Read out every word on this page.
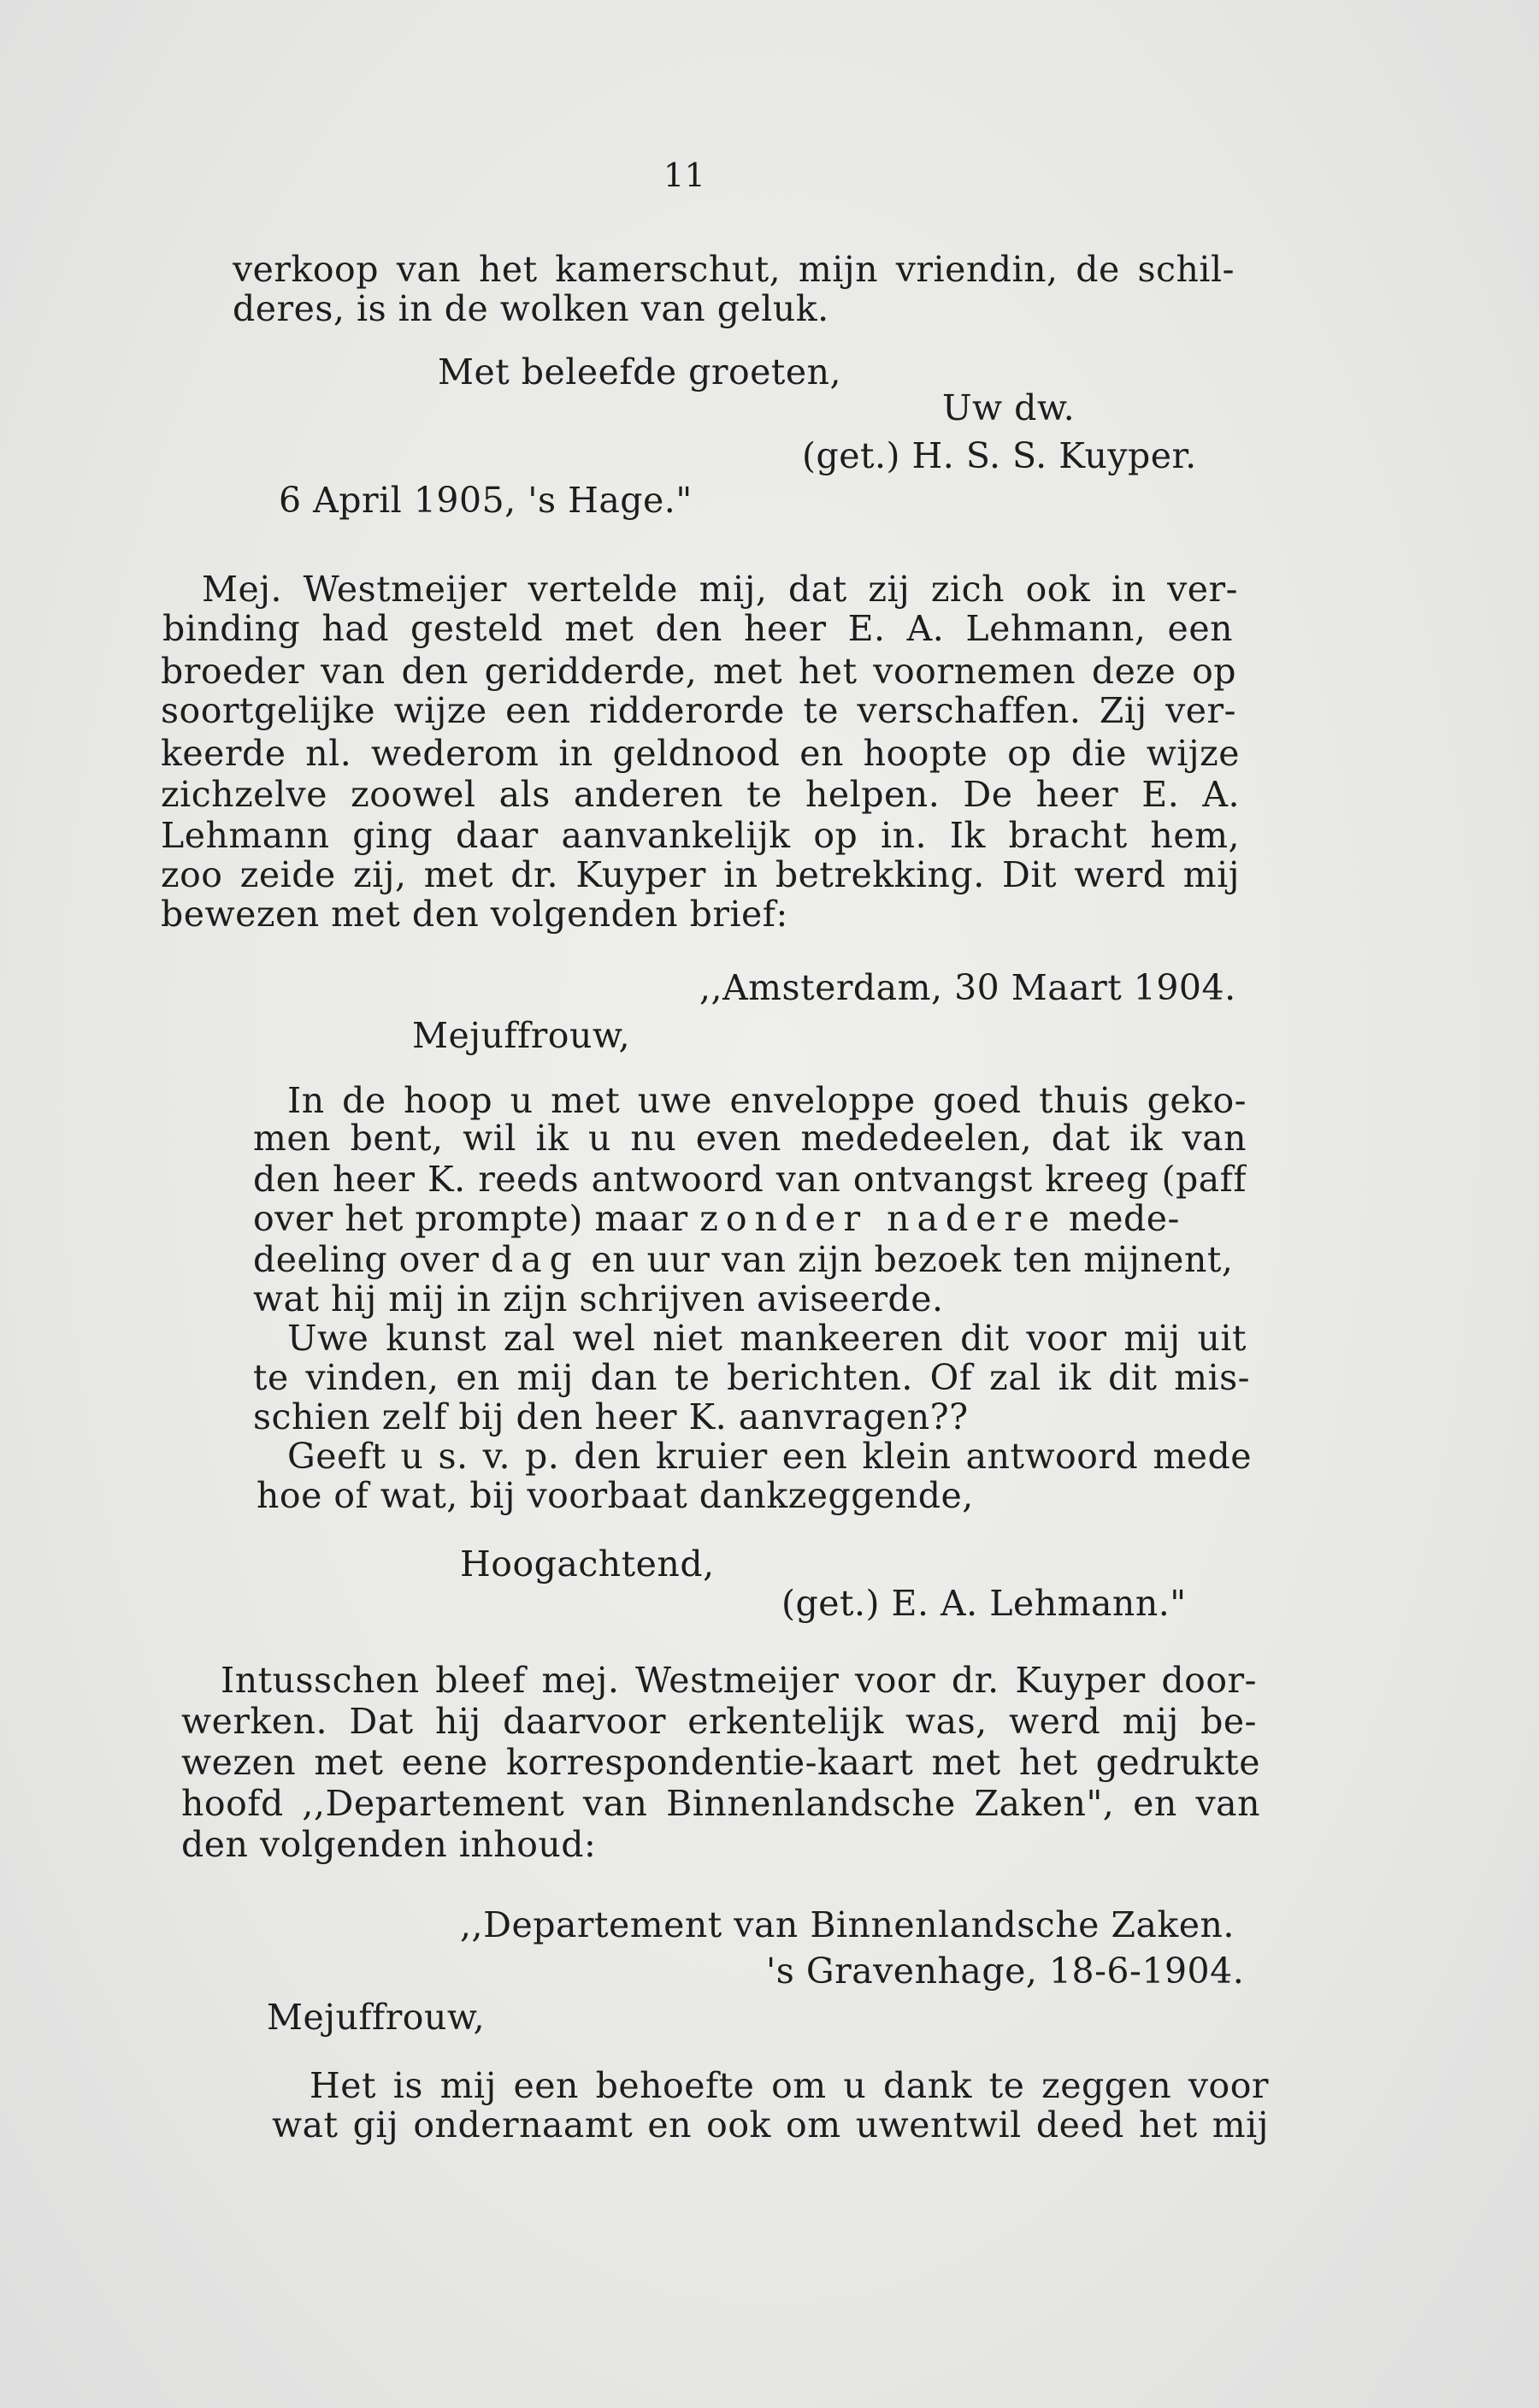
11
verkoop van het kamerschut, mijn vriendin, de schil-
deres, is in de wolken van geluk.
Met beleefde groeten,
Uw dw.
(get.) H. S. S. Kuyper.
6 April 1905, 's Hage."
Mej. Westmeijer vertelde mij, dat zij zich ook in ver-
binding had gesteld met den heer E. A. Lehmann, een
broeder van den geridderde, met het voornemen deze op
soortgelijke wijze een ridderorde te verschaffen. Zij ver-
keerde nl. wederom in geldnood en hoopte op die wijze
zichzelve zoowel als anderen te helpen. De heer E. A.
Lehmann ging daar aanvankelijk op in. Ik bracht hem,
zoo zeide zij, met dr. Kuyper in betrekking. Dit werd mij
bewezen met den volgenden brief:
,,Amsterdam, 30 Maart 1904.
Mejuffrouw,
In de hoop u met uwe enveloppe goed thuis geko-
men bent, wil ik u nu even mededeelen, dat ik van
den heer K. reeds antwoord van ontvangst kreeg (paff
over het prompte) maar zonder nadere mede-
deeling over dag en uur van zijn bezoek ten mijnent,
wat hij mij in zijn schrijven aviseerde.
Uwe kunst zal wel niet mankeeren dit voor mij uit
te vinden, en mij dan te berichten. Of zal ik dit mis-
schien zelf bij den heer K. aanvragen??
Geeft u s. v. p. den kruier een klein antwoord mede
hoe of wat, bij voorbaat dankzeggende,
Hoogachtend,
(get.) E. A. Lehmann."
Intusschen bleef mej. Westmeijer voor dr. Kuyper door-
werken. Dat hij daarvoor erkentelijk was, werd mij be-
wezen met eene korrespondentie-kaart met het gedrukte
hoofd ,,Departement van Binnenlandsche Zaken", en van
den volgenden inhoud:
,,Departement van Binnenlandsche Zaken.
's Gravenhage, 18-6-1904.
Mejuffrouw,
Het is mij een behoefte om u dank te zeggen voor
wat gij ondernaamt en ook om uwentwil deed het mij
